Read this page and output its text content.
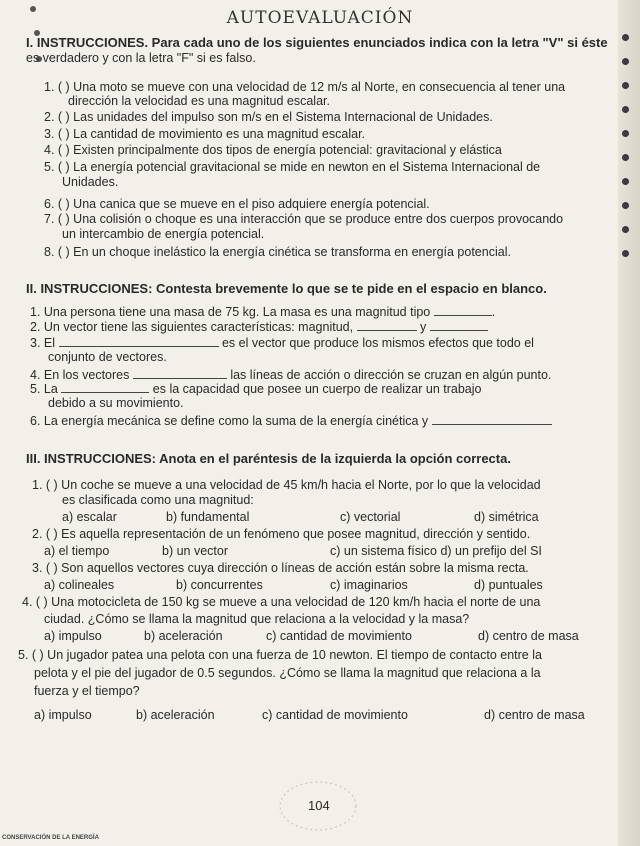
AUTOEVALUACIÓN
I. INSTRUCCIONES. Para cada uno de los siguientes enunciados indica con la letra "V" si éste
es verdadero y con la letra "F" si es falso.
1. ( ) Una moto se mueve con una velocidad de 12 m/s al Norte, en consecuencia al tener una
dirección la velocidad es una magnitud escalar.
2. ( ) Las unidades del impulso son m/s en el Sistema Internacional de Unidades.
3. ( ) La cantidad de movimiento es una magnitud escalar.
4. ( ) Existen principalmente dos tipos de energía potencial: gravitacional y elástica
5. ( ) La energía potencial gravitacional se mide en newton en el Sistema Internacional de
Unidades.
6. ( ) Una canica que se mueve en el piso adquiere energía potencial.
7. ( ) Una colisión o choque es una interacción que se produce entre dos cuerpos provocando
un intercambio de energía potencial.
8. ( ) En un choque inelástico la energía cinética se transforma en energía potencial.
II. INSTRUCCIONES: Contesta brevemente lo que se te pide en el espacio en blanco.
1. Una persona tiene una masa de 75 kg. La masa es una magnitud tipo	.
2. Un vector tiene las siguientes características: magnitud,	y
3. El	es el vector que produce los mismos efectos que todo el
conjunto de vectores.
4. En los vectores	las líneas de acción o dirección se cruzan en algún punto.
5. La	es la capacidad que posee un cuerpo de realizar un trabajo
debido a su movimiento.
6. La energía mecánica se define como la suma de la energía cinética y
III. INSTRUCCIONES: Anota en el paréntesis de la izquierda la opción correcta.
1. ( ) Un coche se mueve a una velocidad de 45 km/h hacia el Norte, por lo que la velocidad
es clasificada como una magnitud:
a) escalar	b) fundamental	c) vectorial	d) simétrica
2. ( ) Es aquella representación de un fenómeno que posee magnitud, dirección y sentido.
a) el tiempo	b) un vector	c) un sistema físico d) un prefijo del SI
3. ( ) Son aquellos vectores cuya dirección o líneas de acción están sobre la misma recta.
a) colineales	b) concurrentes	c) imaginarios	d) puntuales
4. ( ) Una motocicleta de 150 kg se mueve a una velocidad de 120 km/h hacia el norte de una
ciudad. ¿Cómo se llama la magnitud que relaciona a la velocidad y la masa?
a) impulso	b) aceleración	c) cantidad de movimiento	d) centro de masa
5. ( ) Un jugador patea una pelota con una fuerza de 10 newton. El tiempo de contacto entre la
pelota y el pie del jugador de 0.5 segundos. ¿Cómo se llama la magnitud que relaciona a la
fuerza y el tiempo?
a) impulso	b) aceleración	c) cantidad de movimiento	d) centro de masa
104
CONSERVACIÓN DE LA ENERGÍA
